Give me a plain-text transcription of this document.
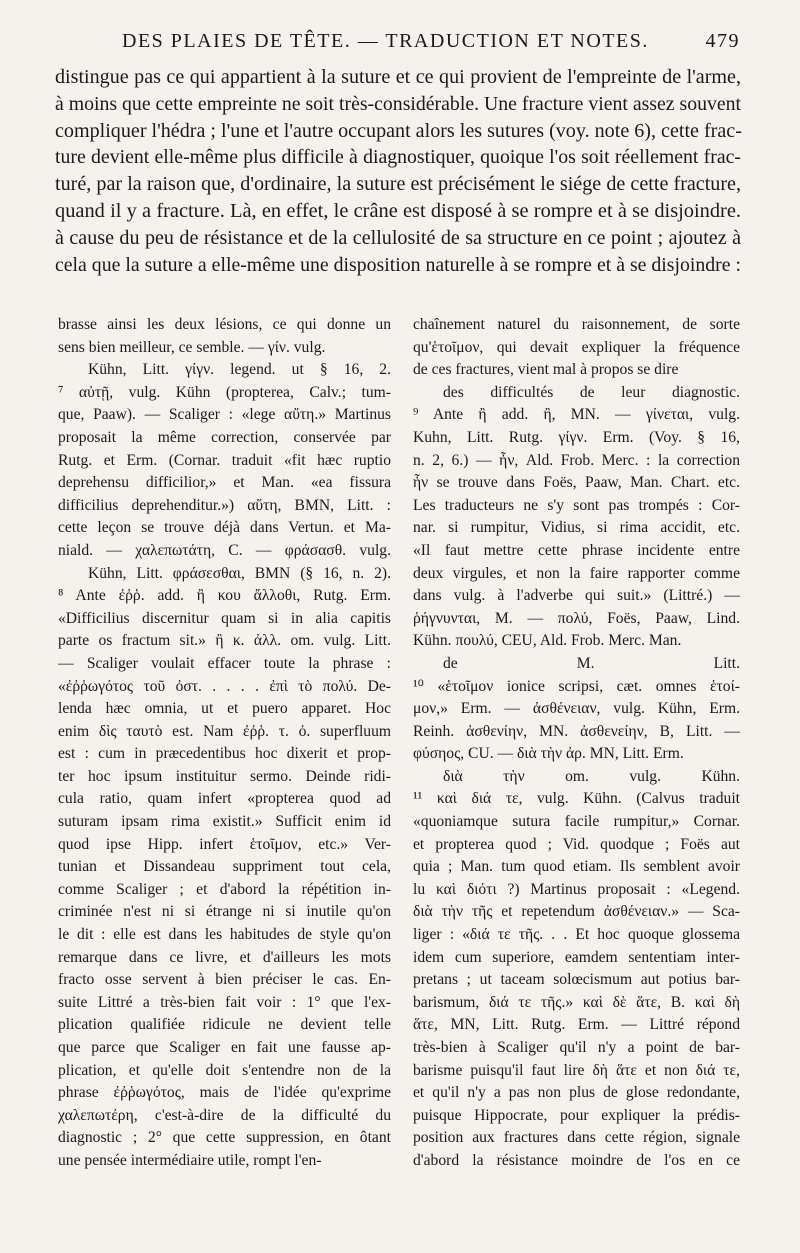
DES PLAIES DE TÊTE. — TRADUCTION ET NOTES.	479
distingue pas ce qui appartient à la suture et ce qui provient de l'empreinte de l'arme,
à moins que cette empreinte ne soit très-considérable. Une fracture vient assez souvent
compliquer l'hédra ; l'une et l'autre occupant alors les sutures (voy. note 6), cette frac-
ture devient elle-même plus difficile à diagnostiquer, quoique l'os soit réellement frac-
turé, par la raison que, d'ordinaire, la suture est précisément le siége de cette fracture,
quand il y a fracture. Là, en effet, le crâne est disposé à se rompre et à se disjoindre.
à cause du peu de résistance et de la cellulosité de sa structure en ce point ; ajoutez à
cela que la suture a elle-même une disposition naturelle à se rompre et à se disjoindre :
brasse ainsi les deux lésions, ce qui donne un
sens bien meilleur, ce semble. — γίν. vulg.
Kühn, Litt. γίγν. legend. ut § 16, 2.
⁷ αὐτῇ, vulg. Kühn (propterea, Calv.; tum-
que, Paaw). — Scaliger : «lege αὔτη.» Martinus
proposait la même correction, conservée par
Rutg. et Erm. (Cornar. traduit «fit hæc ruptio
deprehensu difficilior,» et Man. «ea fissura
difficilius deprehenditur.») αὕτη, BMN, Litt. :
cette leçon se trouve déjà dans Vertun. et Ma-
niald. — χαλεπωτάτη, C. — φράσασθ. vulg.
Kühn, Litt. φράσεσθαι, BMN (§ 16, n. 2).
⁸ Ante ἐῤῥ. add. ἢ κου ἄλλοθι, Rutg. Erm.
«Difficilius discernitur quam si in alia capitis
parte os fractum sit.» ἢ κ. ἀλλ. om. vulg. Litt.
— Scaliger voulait effacer toute la phrase :
«ἐῤῥωγότος τοῦ ὀστ. . . . . ἐπὶ τὸ πολύ. De-
lenda hæc omnia, ut et puero apparet. Hoc
enim δὶς ταυτὸ est. Nam ἐῤῥ. τ. ὀ. superfluum
est : cum in præcedentibus hoc dixerit et prop-
ter hoc ipsum instituitur sermo. Deinde ridi-
cula ratio, quam infert «propterea quod ad
suturam ipsam rima existit.» Sufficit enim id
quod ipse Hipp. infert ἑτοῖμον, etc.» Ver-
tunian et Dissandeau suppriment tout cela,
comme Scaliger ; et d'abord la répétition in-
criminée n'est ni si étrange ni si inutile qu'on
le dit : elle est dans les habitudes de style qu'on
remarque dans ce livre, et d'ailleurs les mots
fracto osse servent à bien préciser le cas. En-
suite Littré a très-bien fait voir : 1° que l'ex-
plication qualifiée ridicule ne devient telle
que parce que Scaliger en fait une fausse ap-
plication, et qu'elle doit s'entendre non de la
phrase ἐῤῥωγότος, mais de l'idée qu'exprime
χαλεπωτέρη, c'est-à-dire de la difficulté du
diagnostic ; 2° que cette suppression, en ôtant
une pensée intermédiaire utile, rompt l'en-
chaînement naturel du raisonnement, de sorte
qu'ἑτοῖμον, qui devait expliquer la fréquence
de ces fractures, vient mal à propos se dire
des difficultés de leur diagnostic.
⁹ Ante ἢ add. ἢ, MN. — γίνεται, vulg.
Kuhn, Litt. Rutg. γίγν. Erm. (Voy. § 16,
n. 2, 6.) — ἦν, Ald. Frob. Merc. : la correction
ἦν se trouve dans Foës, Paaw, Man. Chart. etc.
Les traducteurs ne s'y sont pas trompés : Cor-
nar. si rumpitur, Vidius, si rima accidit, etc.
«Il faut mettre cette phrase incidente entre
deux virgules, et non la faire rapporter comme
dans vulg. à l'adverbe qui suit.» (Littré.) —
ῥήγνυνται, M. — πολύ, Foës, Paaw, Lind.
Kühn. πουλύ, CEU, Ald. Frob. Merc. Man.
de M. Litt.
¹⁰ «ἑτοῖμον ionice scripsi, cæt. omnes ἑτοί-
μον,» Erm. — ἀσθένειαν, vulg. Kühn, Erm.
Reinh. ἀσθενίην, MN. ἀσθενείην, B, Litt. —
φύσηος, CU. — διὰ τὴν ἀρ. MN, Litt. Erm.
διὰ τὴν om. vulg. Kühn.
¹¹ καὶ διά τε, vulg. Kühn. (Calvus traduit
«quoniamque sutura facile rumpitur,» Cornar.
et propterea quod ; Vid. quodque ; Foës aut
quia ; Man. tum quod etiam. Ils semblent avoir
lu καὶ διότι ?) Martinus proposait : «Legend.
διὰ τὴν τῆς et repetendum ἀσθένειαν.» — Sca-
liger : «διά τε τῆς. . . Et hoc quoque glossema
idem cum superiore, eamdem sententiam inter-
pretans ; ut taceam solœcismum aut potius bar-
barismum, διά τε τῆς.» καὶ δὲ ἅτε, B. καὶ δὴ
ἅτε, MN, Litt. Rutg. Erm. — Littré répond
très-bien à Scaliger qu'il n'y a point de bar-
barisme puisqu'il faut lire δὴ ἅτε et non διά τε,
et qu'il n'y a pas non plus de glose redondante,
puisque Hippocrate, pour expliquer la prédis-
position aux fractures dans cette région, signale
d'abord la résistance moindre de l'os en ce
